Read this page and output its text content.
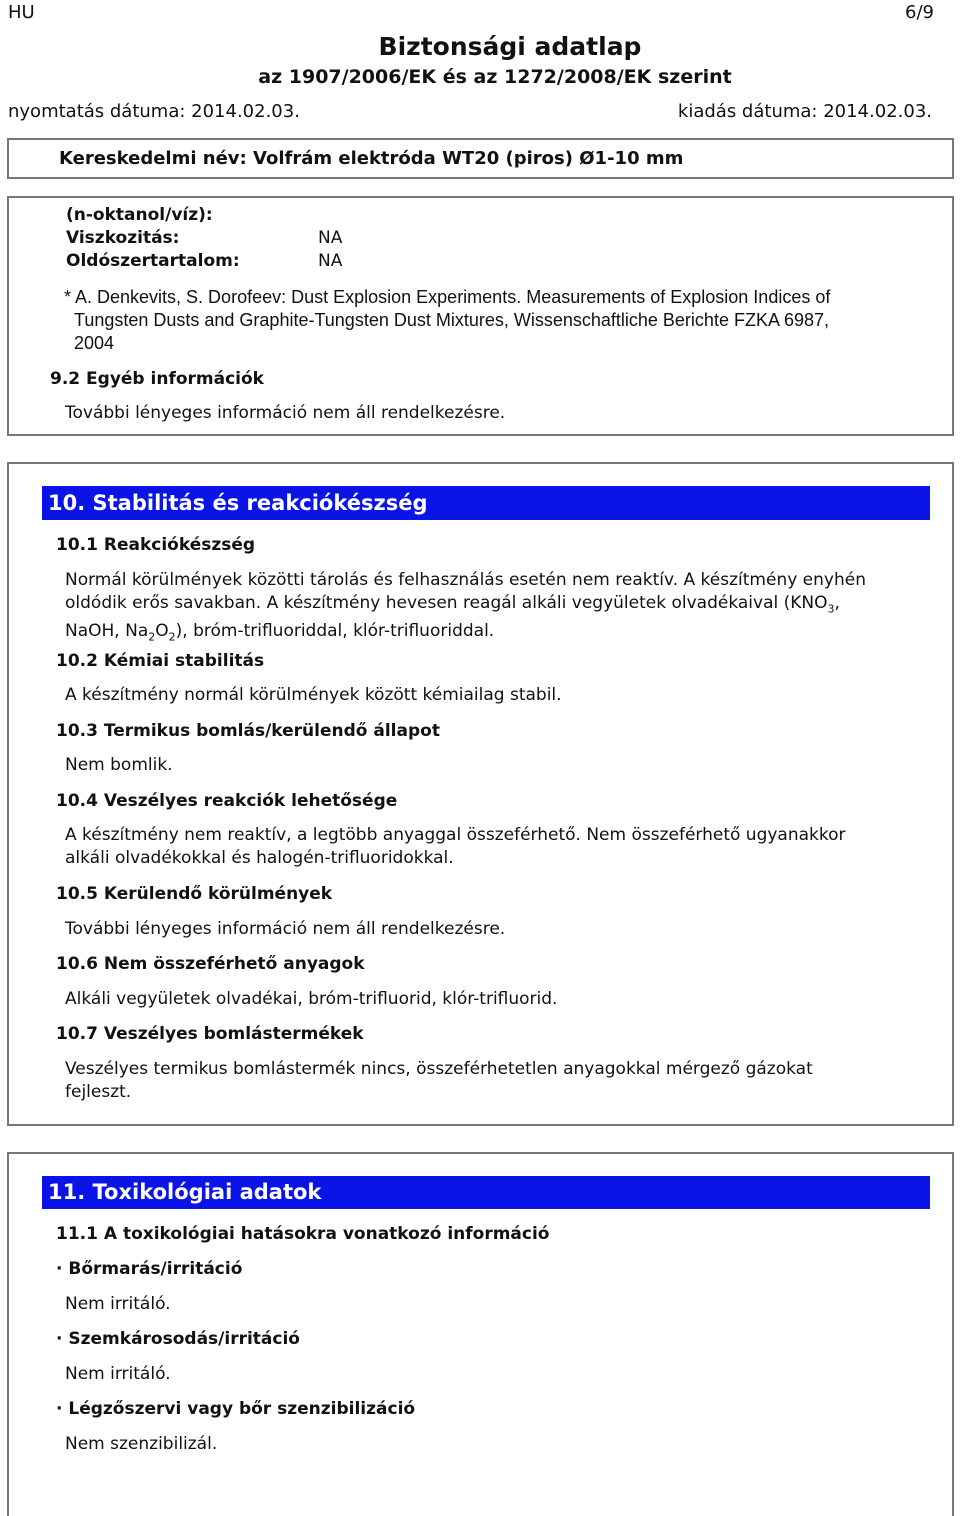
HU	6/9
Biztonsági adatlap
az 1907/2006/EK és az 1272/2008/EK szerint
nyomtatás dátuma: 2014.02.03.	kiadás dátuma: 2014.02.03.
Kereskedelmi név: Volfrám elektróda WT20 (piros) Ø1-10 mm
(n-oktanol/víz):
Viszkozitás:	NA
Oldószertartalom:	NA
* A. Denkevits, S. Dorofeev: Dust Explosion Experiments. Measurements of Explosion Indices of
Tungsten Dusts and Graphite-Tungsten Dust Mixtures, Wissenschaftliche Berichte FZKA 6987,
2004
9.2 Egyéb információk
További lényeges információ nem áll rendelkezésre.
10. Stabilitás és reakciókészség
10.1 Reakciókészség
Normál körülmények közötti tárolás és felhasználás esetén nem reaktív. A készítmény enyhén
oldódik erős savakban. A készítmény hevesen reagál alkáli vegyületek olvadékaival ($KNO_3$,
NaOH, $Na_2O_2$), bróm-trifluoriddal, klór-trifluoriddal.
10.2 Kémiai stabilitás
A készítmény normál körülmények között kémiailag stabil.
10.3 Termikus bomlás/kerülendő állapot
Nem bomlik.
10.4 Veszélyes reakciók lehetősége
A készítmény nem reaktív, a legtöbb anyaggal összeférhető. Nem összeférhető ugyanakkor
alkáli olvadékokkal és halogén-trifluoridokkal.
10.5 Kerülendő körülmények
További lényeges információ nem áll rendelkezésre.
10.6 Nem összeférhető anyagok
Alkáli vegyületek olvadékai, bróm-trifluorid, klór-trifluorid.
10.7 Veszélyes bomlástermékek
Veszélyes termikus bomlástermék nincs, összeférhetetlen anyagokkal mérgező gázokat
fejleszt.
11. Toxikológiai adatok
11.1 A toxikológiai hatásokra vonatkozó információ
· Bőrmarás/irritáció
Nem irritáló.
· Szemkárosodás/irritáció
Nem irritáló.
· Légzőszervi vagy bőr szenzibilizáció
Nem szenzibilizál.
